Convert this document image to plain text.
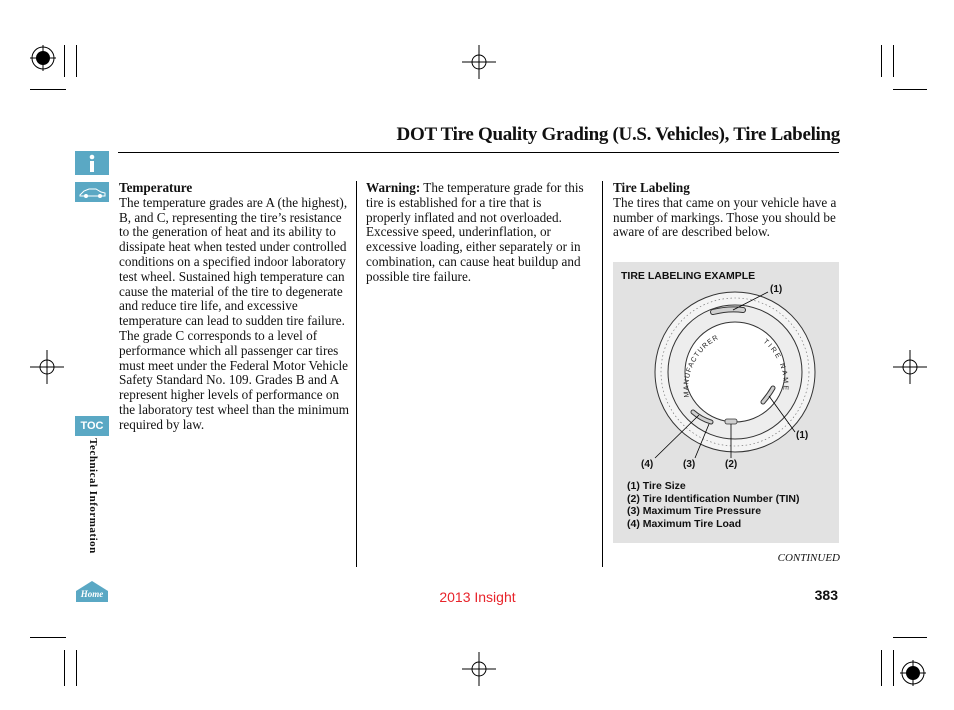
DOT Tire Quality Grading (U.S. Vehicles), Tire Labeling
TOC
Technical Information
Home
Temperature

The temperature grades are A (the highest), B, and C, representing the tire’s resistance to the generation of heat and its ability to dissipate heat when tested under controlled conditions on a specified indoor laboratory test wheel. Sustained high temperature can cause the material of the tire to degenerate and reduce tire life, and excessive temperature can lead to sudden tire failure. The grade C corresponds to a level of performance which all passenger car tires must meet under the Federal Motor Vehicle Safety Standard No. 109. Grades B and A represent higher levels of performance on the laboratory test wheel than the minimum required by law.

Warning: The temperature grade for this tire is established for a tire that is properly inflated and not overloaded. Excessive speed, underinflation, or excessive loading, either separately or in combination, can cause heat buildup and possible tire failure.

Tire Labeling

The tires that came on your vehicle have a number of markings. Those you should be aware of are described below.

TIRE LABELING EXAMPLE
MANUFACTURER	TIRE NAME
(1)
(1)
(4)	(3)	(2)
(1) Tire Size
(2) Tire Identification Number (TIN)
(3) Maximum Tire Pressure
(4) Maximum Tire Load
CONTINUED
2013 Insight	383
